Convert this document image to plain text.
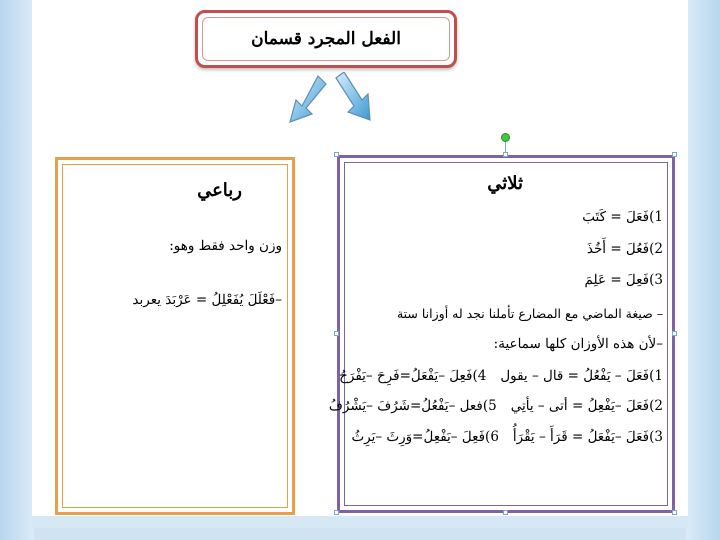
الفعل المجرد قسمان
رباعي
وزن واحد فقط وهو:
–فَعْلَلَ يُفَعْلِلُ = عَرْبَدَ يعربد
ثلاثي
1)فَعَلَ = كَتَبَ
2)فَعُلَ = أَخُذَ
3)فَعِلَ = عَلِمَ
– صيغة الماضي مع المضارع تأملنا نجد له أوزانا ستة
–لأن هذه الأوزان كلها سماعية:
1)فَعَلَ – يَفْعُلُ = قال – يقول4)فَعِلَ –يَفْعَلُ=فَرِحَ –يَفْرَحُ
2)فَعَلَ –يَفْعِلُ = أتى – يأتِي5)فعل –يَفْعُلُ=شَرُفَ –يَشْرُفُ
3)فَعَلَ –يَفْعَلُ = قَرَأَ – يَقْرَأُ6)فَعِلَ –يَفْعِلُ=وَرِثَ –يَرِثُ
